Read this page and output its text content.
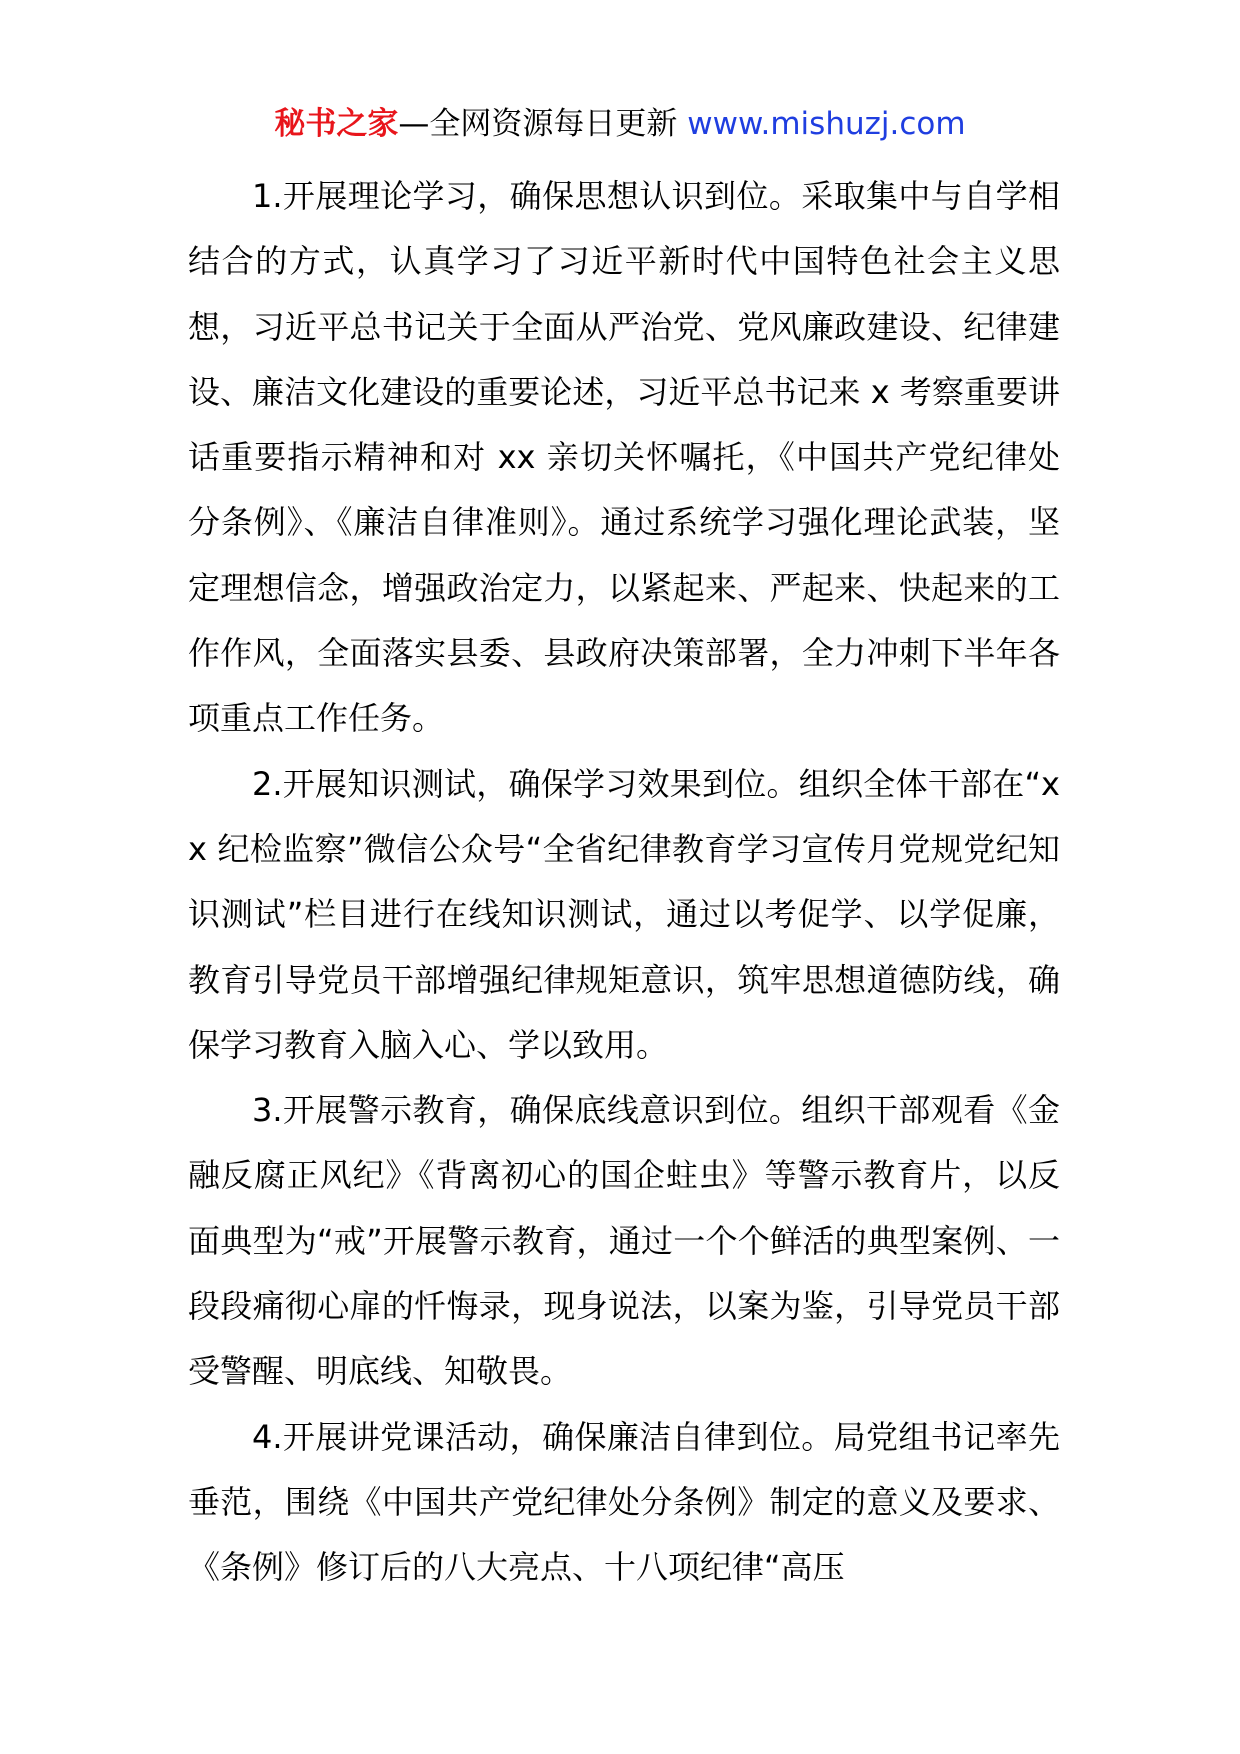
秘书之家—全网资源每日更新 www.mishuzj.com

1.开展理论学习，确保思想认识到位。采取集中与自学相结合的方式，认真学习了习近平新时代中国特色社会主义思想，习近平总书记关于全面从严治党、党风廉政建设、纪律建设、廉洁文化建设的重要论述，习近平总书记来 x 考察重要讲话重要指示精神和对 xx 亲切关怀嘱托，《中国共产党纪律处分条例》、《廉洁自律准则》。通过系统学习强化理论武装，坚定理想信念，增强政治定力，以紧起来、严起来、快起来的工作作风，全面落实县委、县政府决策部署，全力冲刺下半年各项重点工作任务。

2.开展知识测试，确保学习效果到位。组织全体干部在“xx 纪检监察”微信公众号“全省纪律教育学习宣传月党规党纪知识测试”栏目进行在线知识测试，通过以考促学、以学促廉，教育引导党员干部增强纪律规矩意识，筑牢思想道德防线，确保学习教育入脑入心、学以致用。

3.开展警示教育，确保底线意识到位。组织干部观看《金融反腐正风纪》《背离初心的国企蛀虫》等警示教育片，以反面典型为“戒”开展警示教育，通过一个个鲜活的典型案例、一段段痛彻心扉的忏悔录，现身说法，以案为鉴，引导党员干部受警醒、明底线、知敬畏。

4.开展讲党课活动，确保廉洁自律到位。局党组书记率先垂范，围绕《中国共产党纪律处分条例》制定的意义及要求、《条例》修订后的八大亮点、十八项纪律“高压
